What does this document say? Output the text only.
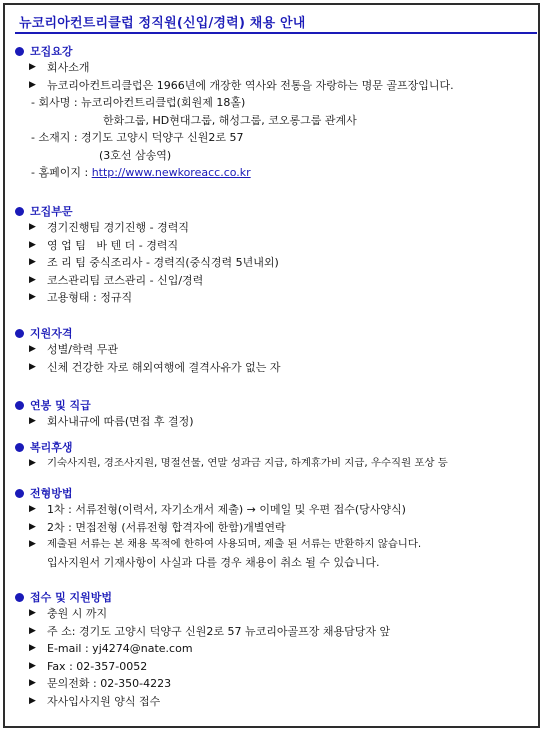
뉴코리아컨트리클럽 정직원(신입/경력) 채용 안내
모집요강
▶	회사소개
▶	뉴코리아컨트리클럽은 1966년에 개장한 역사와 전통을 자랑하는 명문 골프장입니다.
- 회사명 : 뉴코리아컨트리클럽(회원제 18홀)
한화그룹, HD현대그룹, 해성그룹, 코오롱그룹 관계사
- 소재지 : 경기도 고양시 덕양구 신원2로 57
(3호선 삼송역)
- 홈페이지 :
http://www.newkoreacc.co.kr
모집부문
▶	경기진행팀 경기진행 - 경력직
▶	영 업 팀   바 텐 더 - 경력직
▶	조 리 팀 중식조리사 - 경력직(중식경력 5년내외)
▶	코스관리팀 코스관리 - 신입/경력
▶	고용형태 : 정규직
지원자격
▶	성별/학력 무관
▶	신체 건강한 자로 해외여행에 결격사유가 없는 자
연봉 및 직급
▶	회사내규에 따름(면접 후 결정)
복리후생
▶	기숙사지원, 경조사지원, 명절선물, 연말 성과금 지급, 하계휴가비 지급, 우수직원 포상 등
전형방법
▶	1차 : 서류전형(이력서, 자기소개서 제출) → 이메일 및 우편 접수(당사양식)
▶	2차 : 면접전형 (서류전형 합격자에 한함)개별연락
▶	제출된 서류는 본 채용 목적에 한하여 사용되며, 제출 된 서류는 반환하지 않습니다.
입사지원서 기재사항이 사실과 다를 경우 채용이 취소 될 수 있습니다.
접수 및 지원방법
▶	충원 시 까지
▶	주 소: 경기도 고양시 덕양구 신원2로 57 뉴코리아골프장 채용담당자 앞
▶	E-mail : yj4274@nate.com
▶	Fax : 02-357-0052
▶	문의전화 : 02-350-4223
▶	자사입사지원 양식 접수
